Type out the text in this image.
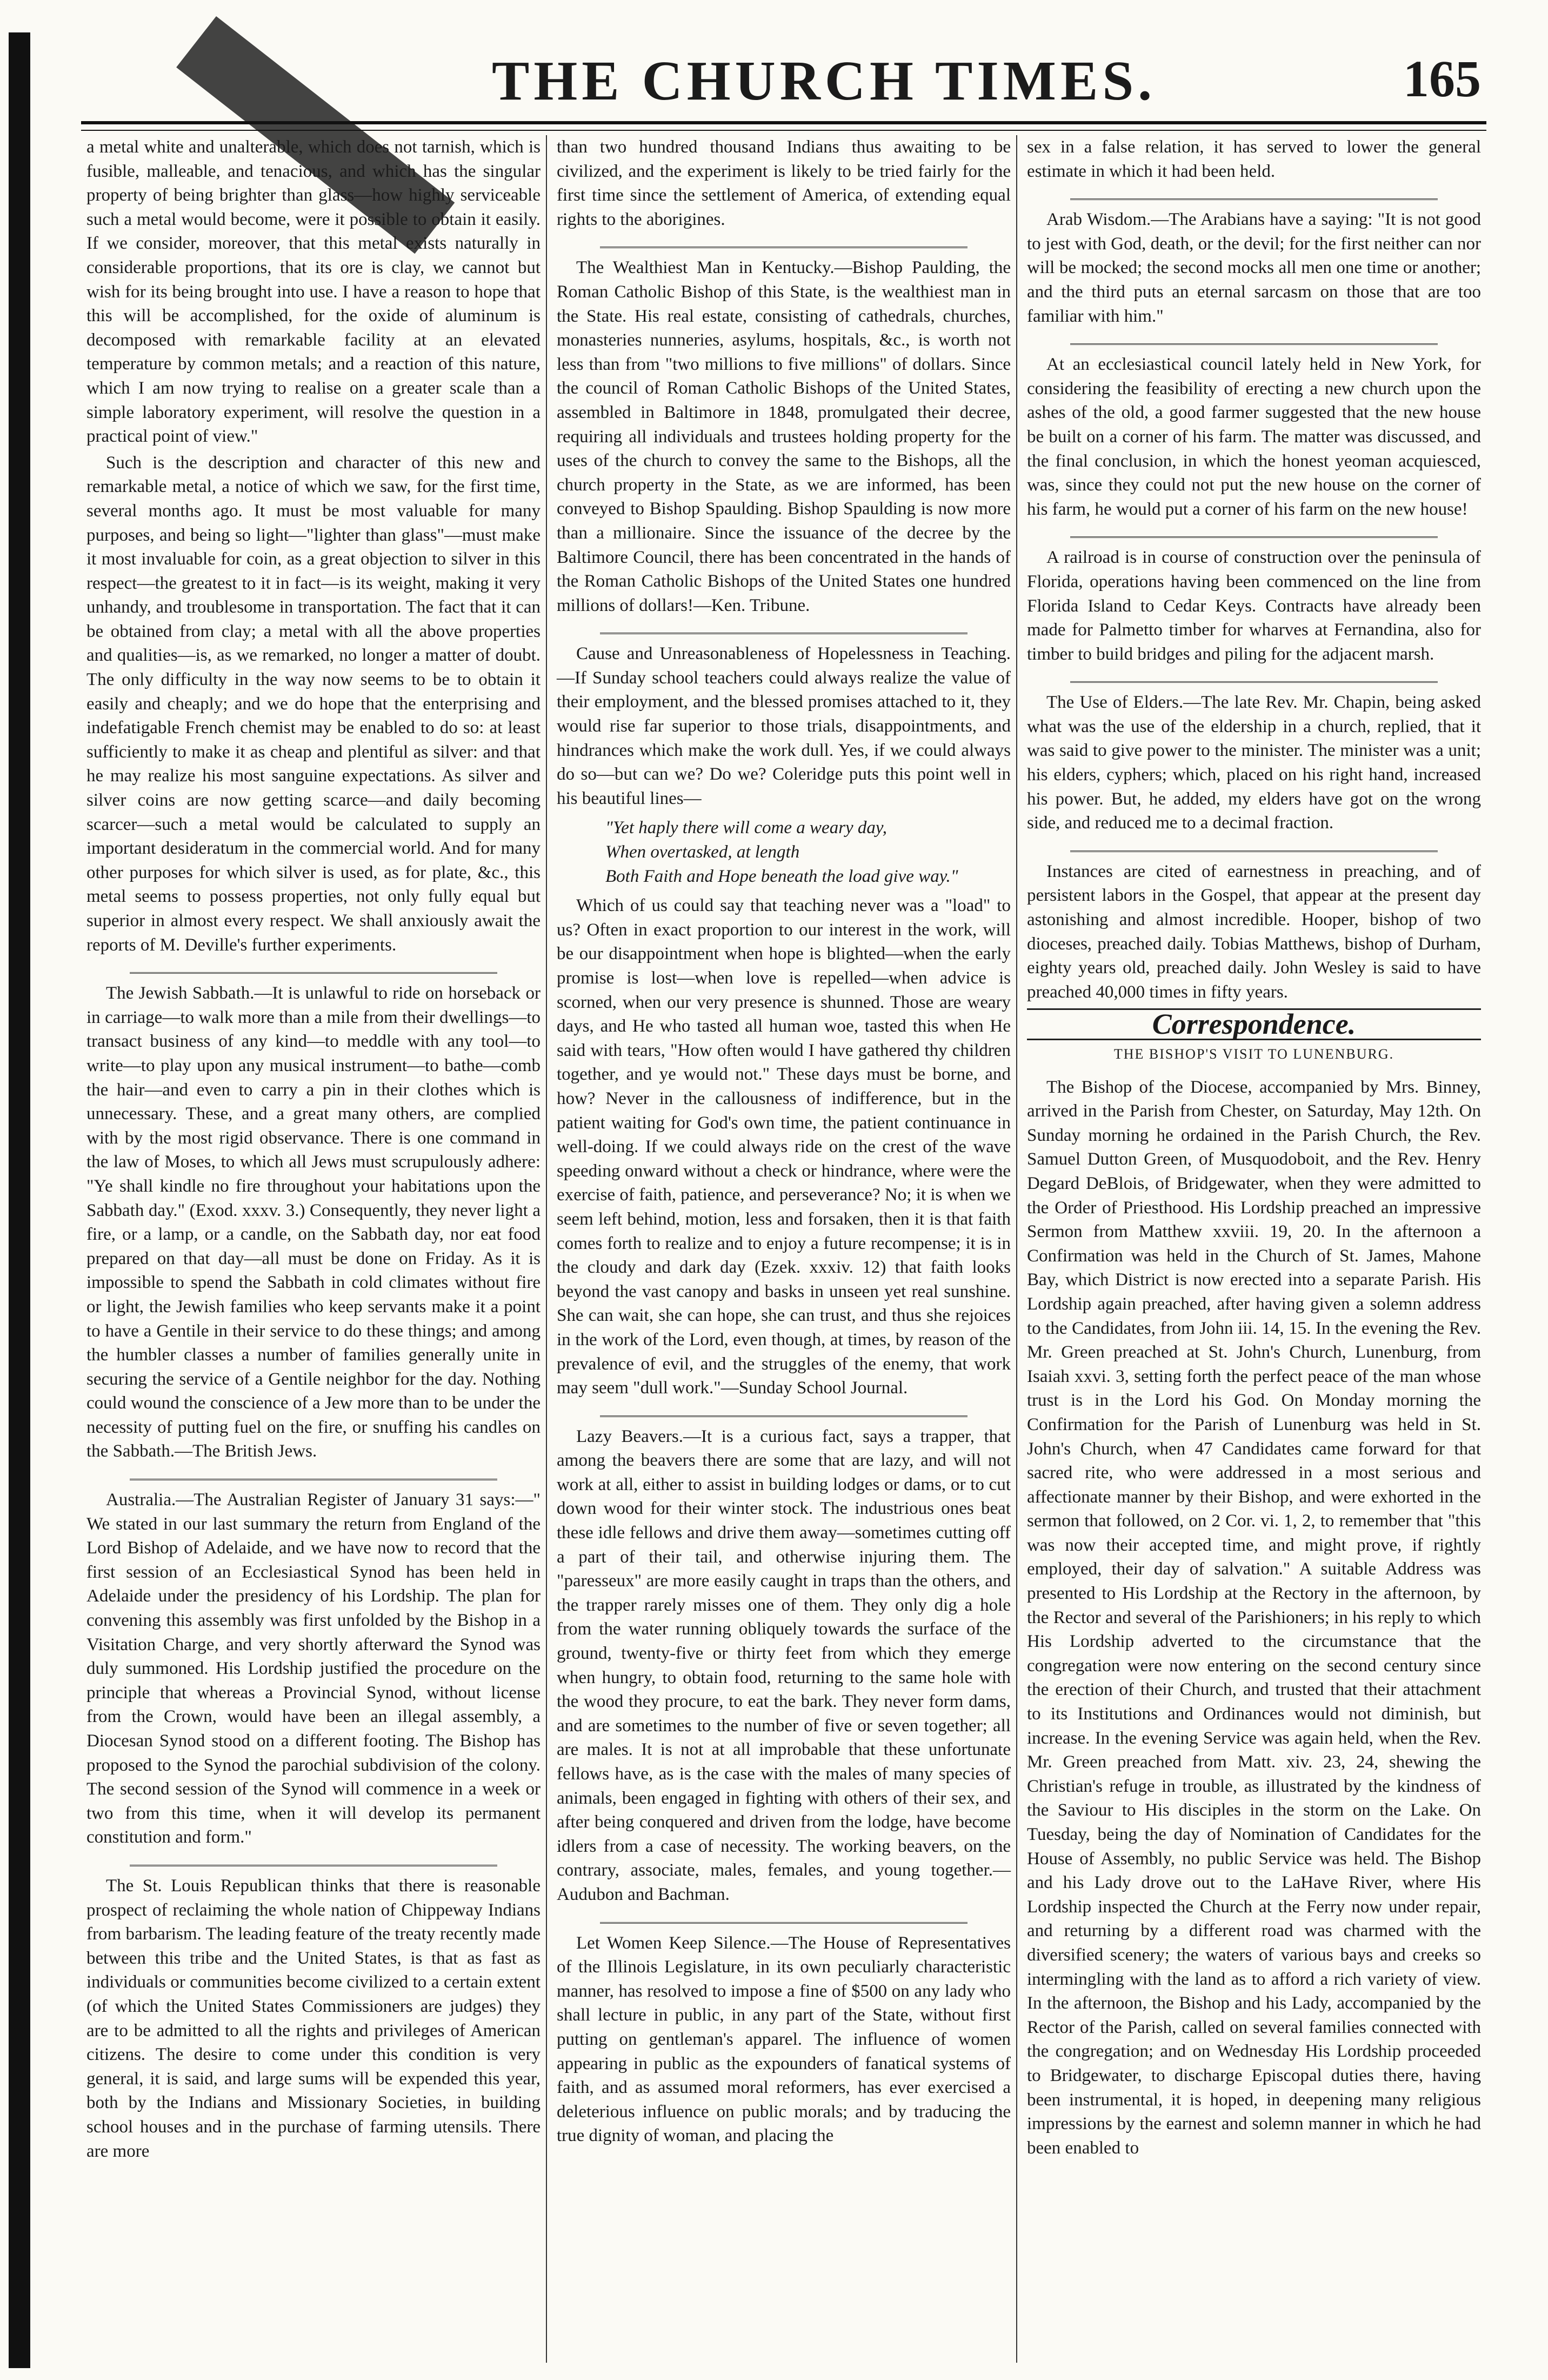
THE CHURCH TIMES.	165

a metal white and unalterable, which does not tarnish, which is fusible, malleable, and tenacious, and which has the singular property of being brighter than glass—how highly serviceable such a metal would become, were it possible to obtain it easily. If we consider, moreover, that this metal exists naturally in considerable proportions, that its ore is clay, we cannot but wish for its being brought into use. I have a reason to hope that this will be accomplished, for the oxide of aluminum is decomposed with remarkable facility at an elevated temperature by common metals; and a reaction of this nature, which I am now trying to realise on a greater scale than a simple laboratory experiment, will resolve the question in a practical point of view."

Such is the description and character of this new and remarkable metal, a notice of which we saw, for the first time, several months ago. It must be most valuable for many purposes, and being so light—"lighter than glass"—must make it most invaluable for coin, as a great objection to silver in this respect—the greatest to it in fact—is its weight, making it very unhandy, and troublesome in transportation. The fact that it can be obtained from clay; a metal with all the above properties and qualities—is, as we remarked, no longer a matter of doubt. The only difficulty in the way now seems to be to obtain it easily and cheaply; and we do hope that the enterprising and indefatigable French chemist may be enabled to do so: at least sufficiently to make it as cheap and plentiful as silver: and that he may realize his most sanguine expectations. As silver and silver coins are now getting scarce—and daily becoming scarcer—such a metal would be calculated to supply an important desideratum in the commercial world. And for many other purposes for which silver is used, as for plate, &c., this metal seems to possess properties, not only fully equal but superior in almost every respect. We shall anxiously await the reports of M. Deville's further experiments.

The Jewish Sabbath.—It is unlawful to ride on horseback or in carriage—to walk more than a mile from their dwellings—to transact business of any kind—to meddle with any tool—to write—to play upon any musical instrument—to bathe—comb the hair—and even to carry a pin in their clothes which is unnecessary. These, and a great many others, are complied with by the most rigid observance. There is one command in the law of Moses, to which all Jews must scrupulously adhere: "Ye shall kindle no fire throughout your habitations upon the Sabbath day." (Exod. xxxv. 3.) Consequently, they never light a fire, or a lamp, or a candle, on the Sabbath day, nor eat food prepared on that day—all must be done on Friday. As it is impossible to spend the Sabbath in cold climates without fire or light, the Jewish families who keep servants make it a point to have a Gentile in their service to do these things; and among the humbler classes a number of families generally unite in securing the service of a Gentile neighbor for the day. Nothing could wound the conscience of a Jew more than to be under the necessity of putting fuel on the fire, or snuffing his candles on the Sabbath.—The British Jews.

Australia.—The Australian Register of January 31 says:—" We stated in our last summary the return from England of the Lord Bishop of Adelaide, and we have now to record that the first session of an Ecclesiastical Synod has been held in Adelaide under the presidency of his Lordship. The plan for convening this assembly was first unfolded by the Bishop in a Visitation Charge, and very shortly afterward the Synod was duly summoned. His Lordship justified the procedure on the principle that whereas a Provincial Synod, without license from the Crown, would have been an illegal assembly, a Diocesan Synod stood on a different footing. The Bishop has proposed to the Synod the parochial subdivision of the colony. The second session of the Synod will commence in a week or two from this time, when it will develop its permanent constitution and form."

The St. Louis Republican thinks that there is reasonable prospect of reclaiming the whole nation of Chippeway Indians from barbarism. The leading feature of the treaty recently made between this tribe and the United States, is that as fast as individuals or communities become civilized to a certain extent (of which the United States Commissioners are judges) they are to be admitted to all the rights and privileges of American citizens. The desire to come under this condition is very general, it is said, and large sums will be expended this year, both by the Indians and Missionary Societies, in building school houses and in the purchase of farming utensils. There are more

than two hundred thousand Indians thus awaiting to be civilized, and the experiment is likely to be tried fairly for the first time since the settlement of America, of extending equal rights to the aborigines.

The Wealthiest Man in Kentucky.—Bishop Paulding, the Roman Catholic Bishop of this State, is the wealthiest man in the State. His real estate, consisting of cathedrals, churches, monasteries nunneries, asylums, hospitals, &c., is worth not less than from "two millions to five millions" of dollars. Since the council of Roman Catholic Bishops of the United States, assembled in Baltimore in 1848, promulgated their decree, requiring all individuals and trustees holding property for the uses of the church to convey the same to the Bishops, all the church property in the State, as we are informed, has been conveyed to Bishop Spaulding. Bishop Spaulding is now more than a millionaire. Since the issuance of the decree by the Baltimore Council, there has been concentrated in the hands of the Roman Catholic Bishops of the United States one hundred millions of dollars!—Ken. Tribune.

Cause and Unreasonableness of Hopelessness in Teaching.—If Sunday school teachers could always realize the value of their employment, and the blessed promises attached to it, they would rise far superior to those trials, disappointments, and hindrances which make the work dull. Yes, if we could always do so—but can we? Do we? Coleridge puts this point well in his beautiful lines—

"Yet haply there will come a weary day,
When overtasked, at length
Both Faith and Hope beneath the load give way."

Which of us could say that teaching never was a "load" to us? Often in exact proportion to our interest in the work, will be our disappointment when hope is blighted—when the early promise is lost—when love is repelled—when advice is scorned, when our very presence is shunned. Those are weary days, and He who tasted all human woe, tasted this when He said with tears, "How often would I have gathered thy children together, and ye would not." These days must be borne, and how? Never in the callousness of indifference, but in the patient waiting for God's own time, the patient continuance in well-doing. If we could always ride on the crest of the wave speeding onward without a check or hindrance, where were the exercise of faith, patience, and perseverance? No; it is when we seem left behind, motion, less and forsaken, then it is that faith comes forth to realize and to enjoy a future recompense; it is in the cloudy and dark day (Ezek. xxxiv. 12) that faith looks beyond the vast canopy and basks in unseen yet real sunshine. She can wait, she can hope, she can trust, and thus she rejoices in the work of the Lord, even though, at times, by reason of the prevalence of evil, and the struggles of the enemy, that work may seem "dull work."—Sunday School Journal.

Lazy Beavers.—It is a curious fact, says a trapper, that among the beavers there are some that are lazy, and will not work at all, either to assist in building lodges or dams, or to cut down wood for their winter stock. The industrious ones beat these idle fellows and drive them away—sometimes cutting off a part of their tail, and otherwise injuring them. The "paresseux" are more easily caught in traps than the others, and the trapper rarely misses one of them. They only dig a hole from the water running obliquely towards the surface of the ground, twenty-five or thirty feet from which they emerge when hungry, to obtain food, returning to the same hole with the wood they procure, to eat the bark. They never form dams, and are sometimes to the number of five or seven together; all are males. It is not at all improbable that these unfortunate fellows have, as is the case with the males of many species of animals, been engaged in fighting with others of their sex, and after being conquered and driven from the lodge, have become idlers from a case of necessity. The working beavers, on the contrary, associate, males, females, and young together.—Audubon and Bachman.

Let Women Keep Silence.—The House of Representatives of the Illinois Legislature, in its own peculiarly characteristic manner, has resolved to impose a fine of $500 on any lady who shall lecture in public, in any part of the State, without first putting on gentleman's apparel. The influence of women appearing in public as the expounders of fanatical systems of faith, and as assumed moral reformers, has ever exercised a deleterious influence on public morals; and by traducing the true dignity of woman, and placing the

sex in a false relation, it has served to lower the general estimate in which it had been held.

Arab Wisdom.—The Arabians have a saying: "It is not good to jest with God, death, or the devil; for the first neither can nor will be mocked; the second mocks all men one time or another; and the third puts an eternal sarcasm on those that are too familiar with him."

At an ecclesiastical council lately held in New York, for considering the feasibility of erecting a new church upon the ashes of the old, a good farmer suggested that the new house be built on a corner of his farm. The matter was discussed, and the final conclusion, in which the honest yeoman acquiesced, was, since they could not put the new house on the corner of his farm, he would put a corner of his farm on the new house!

A railroad is in course of construction over the peninsula of Florida, operations having been commenced on the line from Florida Island to Cedar Keys. Contracts have already been made for Palmetto timber for wharves at Fernandina, also for timber to build bridges and piling for the adjacent marsh.

The Use of Elders.—The late Rev. Mr. Chapin, being asked what was the use of the eldership in a church, replied, that it was said to give power to the minister. The minister was a unit; his elders, cyphers; which, placed on his right hand, increased his power. But, he added, my elders have got on the wrong side, and reduced me to a decimal fraction.

Instances are cited of earnestness in preaching, and of persistent labors in the Gospel, that appear at the present day astonishing and almost incredible. Hooper, bishop of two dioceses, preached daily. Tobias Matthews, bishop of Durham, eighty years old, preached daily. John Wesley is said to have preached 40,000 times in fifty years.

Correspondence.
THE BISHOP'S VISIT TO LUNENBURG.

The Bishop of the Diocese, accompanied by Mrs. Binney, arrived in the Parish from Chester, on Saturday, May 12th. On Sunday morning he ordained in the Parish Church, the Rev. Samuel Dutton Green, of Musquodoboit, and the Rev. Henry Degard DeBlois, of Bridgewater, when they were admitted to the Order of Priesthood. His Lordship preached an impressive Sermon from Matthew xxviii. 19, 20. In the afternoon a Confirmation was held in the Church of St. James, Mahone Bay, which District is now erected into a separate Parish. His Lordship again preached, after having given a solemn address to the Candidates, from John iii. 14, 15. In the evening the Rev. Mr. Green preached at St. John's Church, Lunenburg, from Isaiah xxvi. 3, setting forth the perfect peace of the man whose trust is in the Lord his God. On Monday morning the Confirmation for the Parish of Lunenburg was held in St. John's Church, when 47 Candidates came forward for that sacred rite, who were addressed in a most serious and affectionate manner by their Bishop, and were exhorted in the sermon that followed, on 2 Cor. vi. 1, 2, to remember that "this was now their accepted time, and might prove, if rightly employed, their day of salvation." A suitable Address was presented to His Lordship at the Rectory in the afternoon, by the Rector and several of the Parishioners; in his reply to which His Lordship adverted to the circumstance that the congregation were now entering on the second century since the erection of their Church, and trusted that their attachment to its Institutions and Ordinances would not diminish, but increase. In the evening Service was again held, when the Rev. Mr. Green preached from Matt. xiv. 23, 24, shewing the Christian's refuge in trouble, as illustrated by the kindness of the Saviour to His disciples in the storm on the Lake. On Tuesday, being the day of Nomination of Candidates for the House of Assembly, no public Service was held. The Bishop and his Lady drove out to the LaHave River, where His Lordship inspected the Church at the Ferry now under repair, and returning by a different road was charmed with the diversified scenery; the waters of various bays and creeks so intermingling with the land as to afford a rich variety of view. In the afternoon, the Bishop and his Lady, accompanied by the Rector of the Parish, called on several families connected with the congregation; and on Wednesday His Lordship proceeded to Bridgewater, to discharge Episcopal duties there, having been instrumental, it is hoped, in deepening many religious impressions by the earnest and solemn manner in which he had been enabled to
